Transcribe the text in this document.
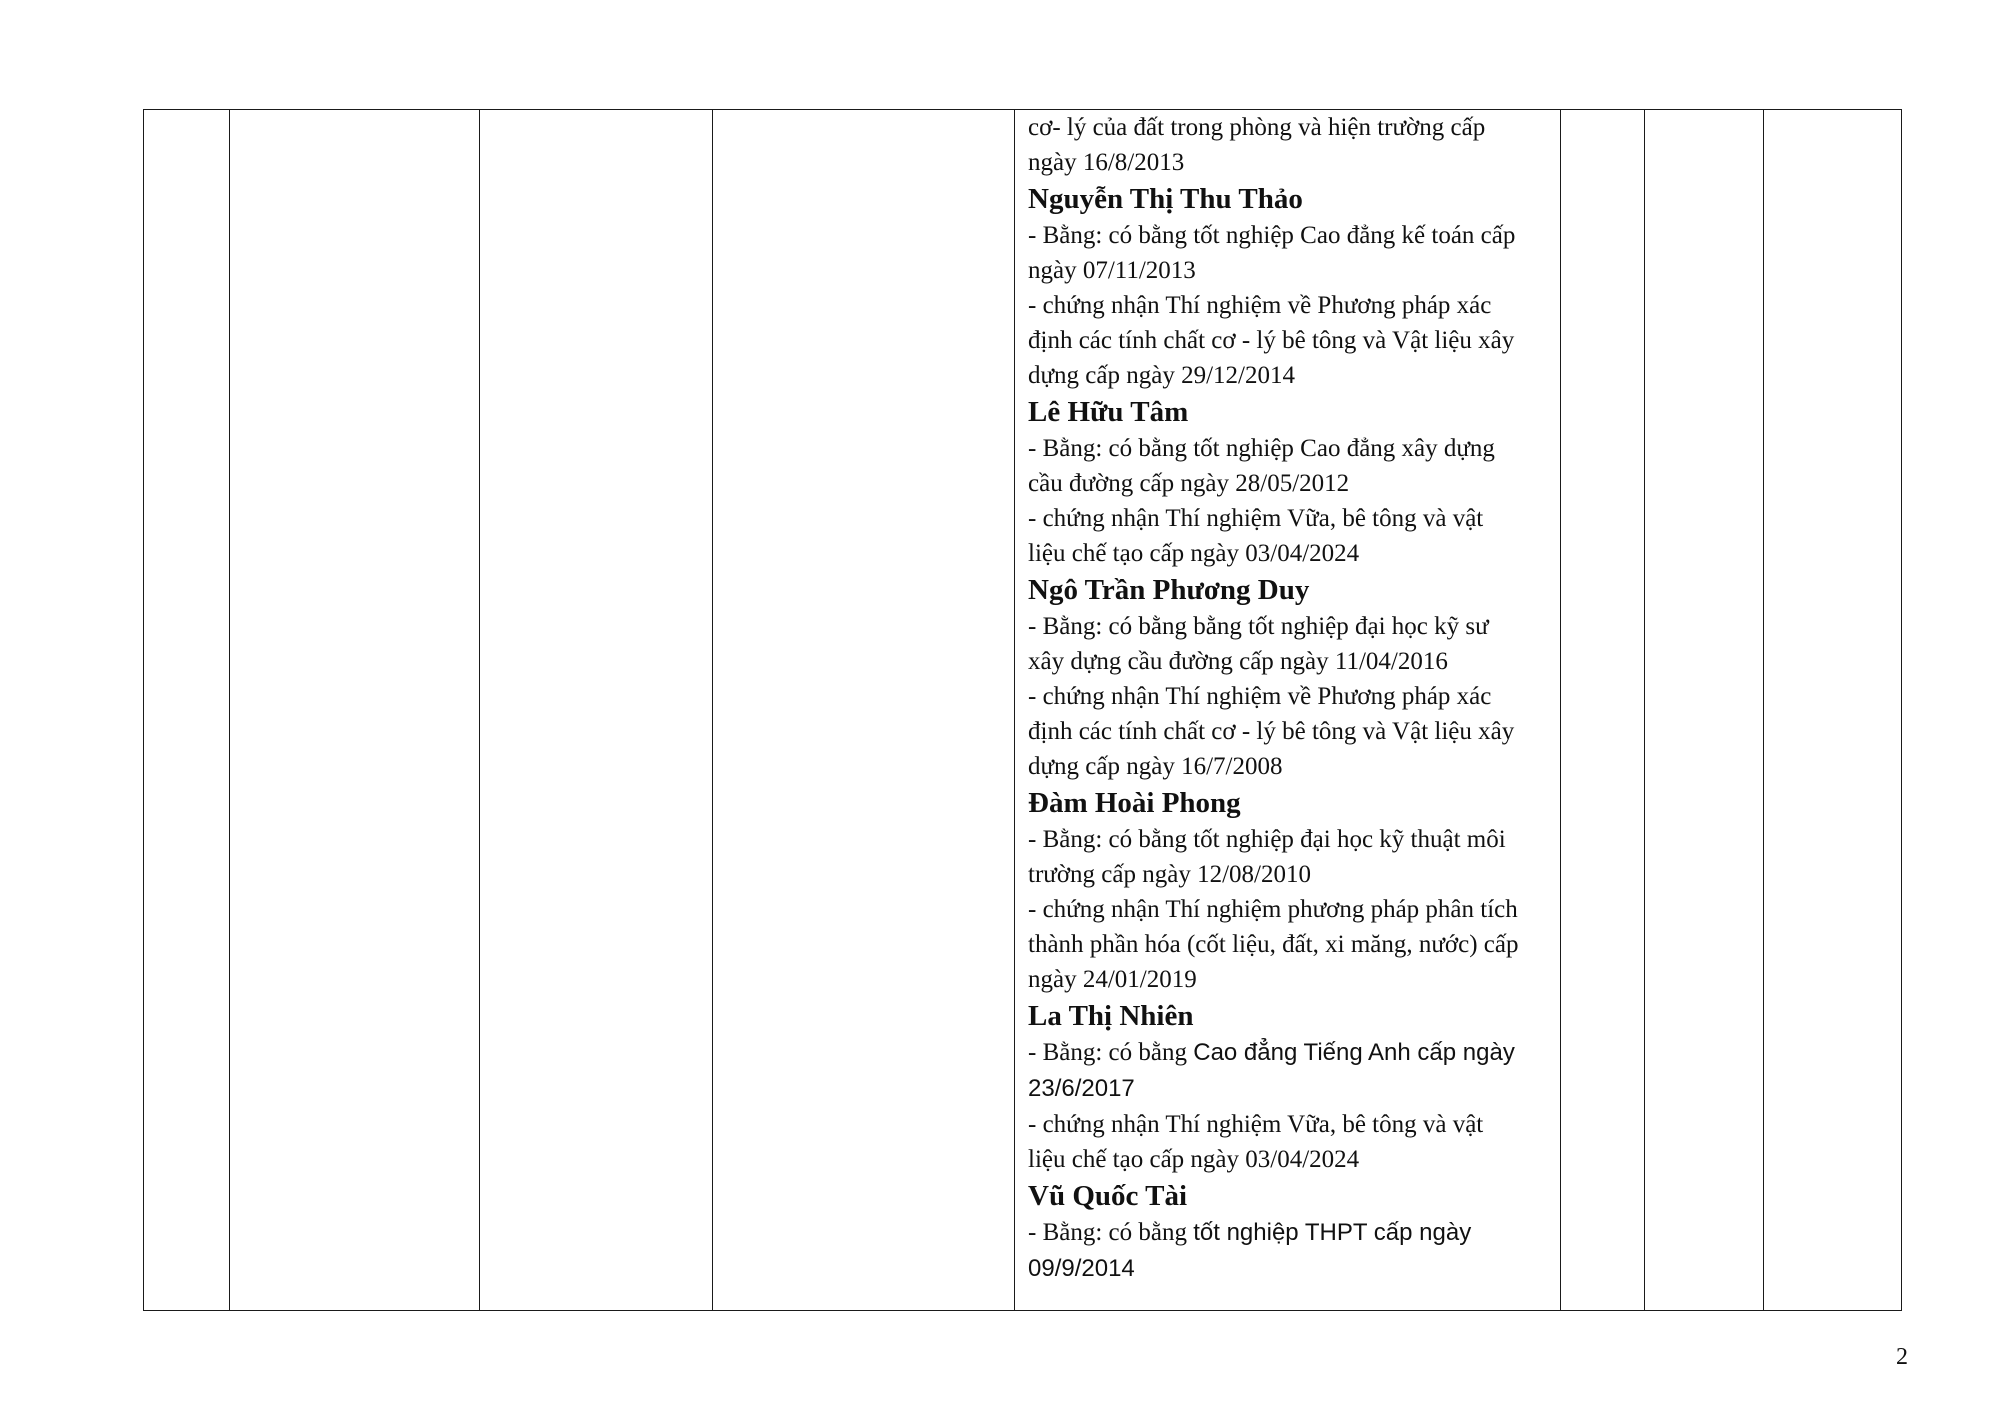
cơ- lý của đất trong phòng và hiện trường cấp
ngày 16/8/2013
Nguyễn Thị Thu Thảo
- Bằng: có bằng tốt nghiệp Cao đẳng kế toán cấp
ngày 07/11/2013
- chứng nhận Thí nghiệm về Phương pháp xác
định các tính chất cơ - lý bê tông và Vật liệu xây
dựng cấp ngày 29/12/2014
Lê Hữu Tâm
- Bằng: có bằng tốt nghiệp Cao đẳng xây dựng
cầu đường cấp ngày 28/05/2012
- chứng nhận Thí nghiệm Vữa, bê tông và vật
liệu chế tạo cấp ngày 03/04/2024
Ngô Trần Phương Duy
- Bằng: có bằng bằng tốt nghiệp đại học kỹ sư
xây dựng cầu đường cấp ngày 11/04/2016
- chứng nhận Thí nghiệm về Phương pháp xác
định các tính chất cơ - lý bê tông và Vật liệu xây
dựng cấp ngày 16/7/2008
Đàm Hoài Phong
- Bằng: có bằng tốt nghiệp đại học kỹ thuật môi
trường cấp ngày 12/08/2010
- chứng nhận Thí nghiệm phương pháp phân tích
thành phần hóa (cốt liệu, đất, xi măng, nước) cấp
ngày 24/01/2019
La Thị Nhiên
- Bằng: có bằng Cao đẳng Tiếng Anh cấp ngày
23/6/2017
- chứng nhận Thí nghiệm Vữa, bê tông và vật
liệu chế tạo cấp ngày 03/04/2024
Vũ Quốc Tài
- Bằng: có bằng tốt nghiệp THPT cấp ngày
09/9/2014

2
